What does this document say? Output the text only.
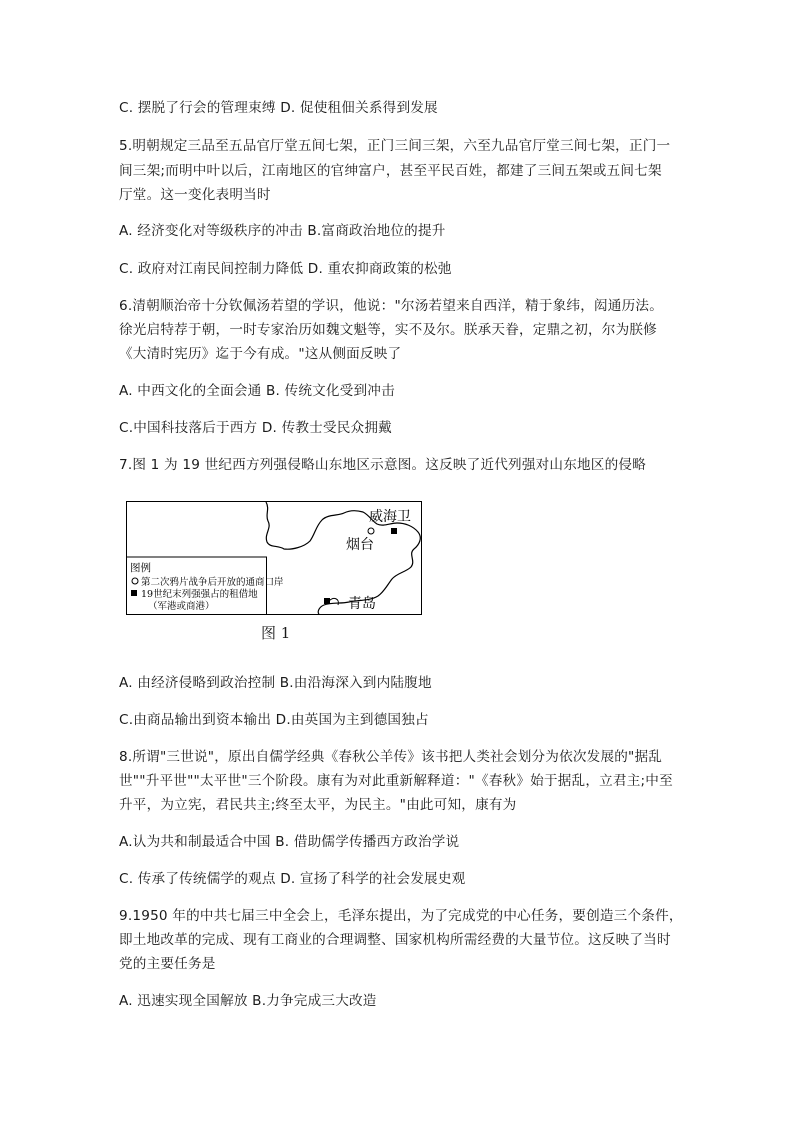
C. 摆脱了行会的管理束缚 D. 促使租佃关系得到发展
5.明朝规定三品至五品官厅堂五间七架，正门三间三架，六至九品官厅堂三间七架，正门一
间三架;而明中叶以后，江南地区的官绅富户，甚至平民百姓，都建了三间五架或五间七架
厅堂。这一变化表明当时
A. 经济变化对等级秩序的冲击 B.富商政治地位的提升
C. 政府对江南民间控制力降低 D. 重农抑商政策的松弛
6.清朝顺治帝十分钦佩汤若望的学识，他说："尔汤若望来自西洋，精于象纬，闳通历法。
徐光启特荐于朝，一时专家治历如魏文魁等，实不及尔。朕承天眷，定鼎之初，尔为朕修
《大清时宪历》迄于今有成。"这从侧面反映了
A. 中西文化的全面会通 B. 传统文化受到冲击
C.中国科技落后于西方 D. 传教士受民众拥戴
7.图 1 为 19 世纪西方列强侵略山东地区示意图。这反映了近代列强对山东地区的侵略
威海卫
烟台
青岛
图例
第二次鸦片战争后开放的通商口岸
19世纪末列强强占的租借地
（军港或商港）
图 1
A. 由经济侵略到政治控制 B.由沿海深入到内陆腹地
C.由商品输出到资本输出 D.由英国为主到德国独占
8.所谓"三世说"，原出自儒学经典《春秋公羊传》该书把人类社会划分为依次发展的"据乱
世""升平世""太平世"三个阶段。康有为对此重新解释道："《春秋》始于据乱，立君主;中至
升平，为立宪，君民共主;终至太平，为民主。"由此可知，康有为
A.认为共和制最适合中国 B. 借助儒学传播西方政治学说
C. 传承了传统儒学的观点 D. 宣扬了科学的社会发展史观
9.1950 年的中共七届三中全会上，毛泽东提出，为了完成党的中心任务，要创造三个条件，
即土地改革的完成、现有工商业的合理调整、国家机构所需经费的大量节位。这反映了当时
党的主要任务是
A. 迅速实现全国解放 B.力争完成三大改造
